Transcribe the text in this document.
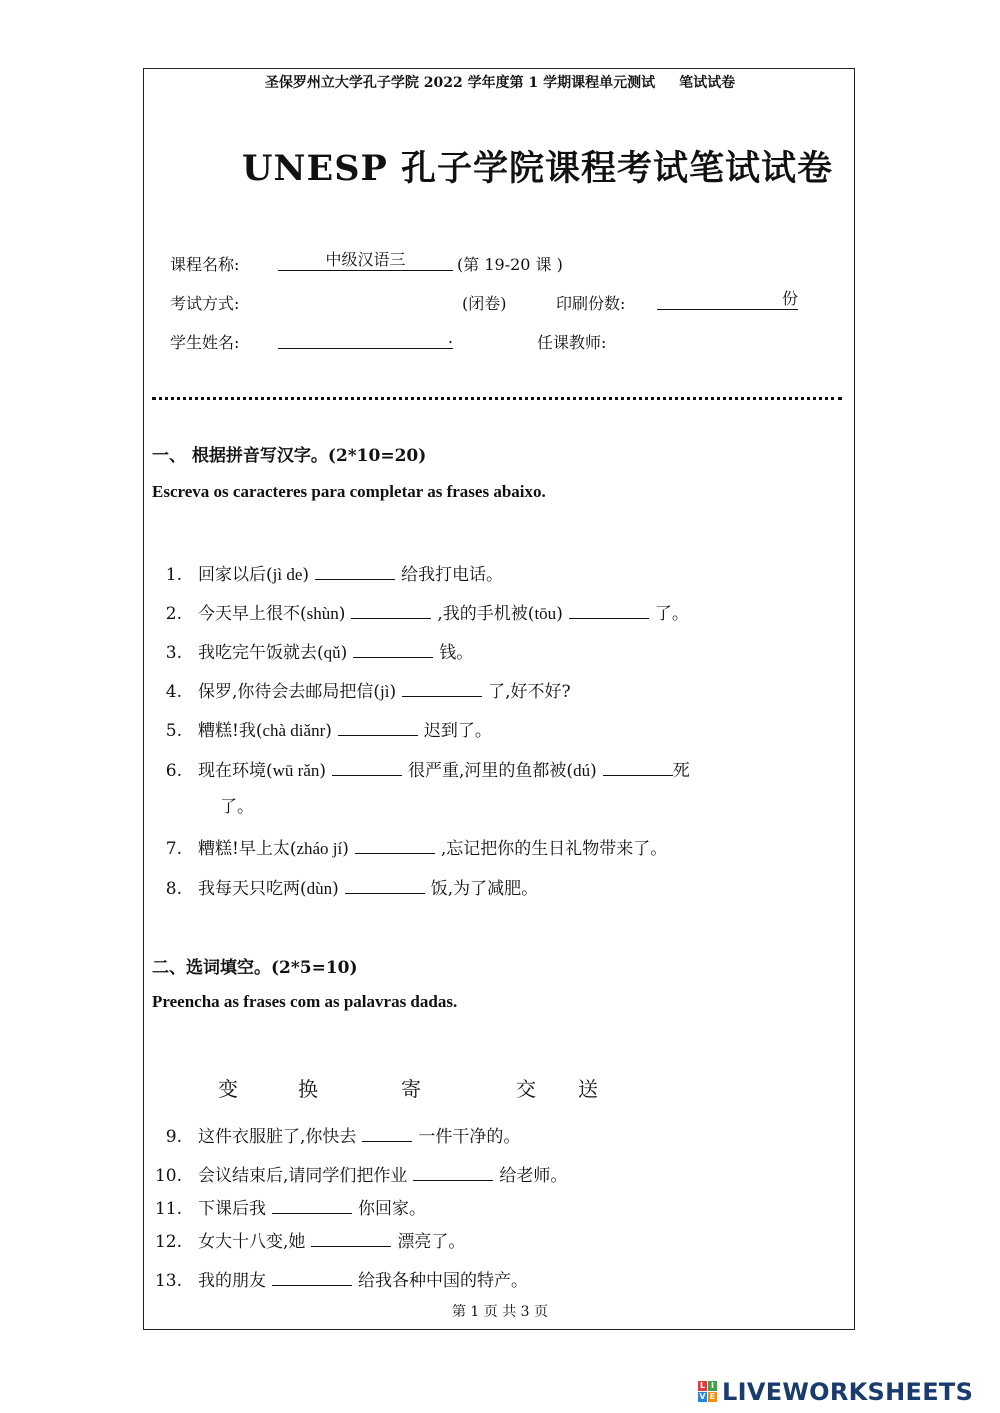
圣保罗州立大学孔子学院 2022 学年度第 1 学期课程单元测试 笔试试卷
UNESP 孔子学院课程考试笔试试卷
课程名称:	中级汉语三	(第 19-20 课 )
考试方式:	(闭卷)	印刷份数:	份
学生姓名:	.	任课教师:
一、 根据拼音写汉字。(2*10=20)
Escreva os caracteres para completar as frases abaixo.
1. 回家以后(jì de)	给我打电话。
2. 今天早上很不(shùn)	,我的手机被(tōu)	了。
3. 我吃完午饭就去(qǔ)	钱。
4. 保罗,你待会去邮局把信(jì)	了,好不好?
5. 糟糕!我(chà diǎnr)	迟到了。
6. 现在环境(wū rǎn)	很严重,河里的鱼都被(dú)	死
了。
7. 糟糕!早上太(zháo jí)	,忘记把你的生日礼物带来了。
8. 我每天只吃两(dùn)	饭,为了减肥。
二、选词填空。(2*5=10)
Preencha as frases com as palavras dadas.
变	换	寄	交 送
9. 这件衣服脏了,你快去	一件干净的。
10. 会议结束后,请同学们把作业	给老师。
11. 下课后我	你回家。
12. 女大十八变,她	漂亮了。
13. 我的朋友	给我各种中国的特产。
第 1 页 共 3 页
L I
V E LIVEWORKSHEETS
